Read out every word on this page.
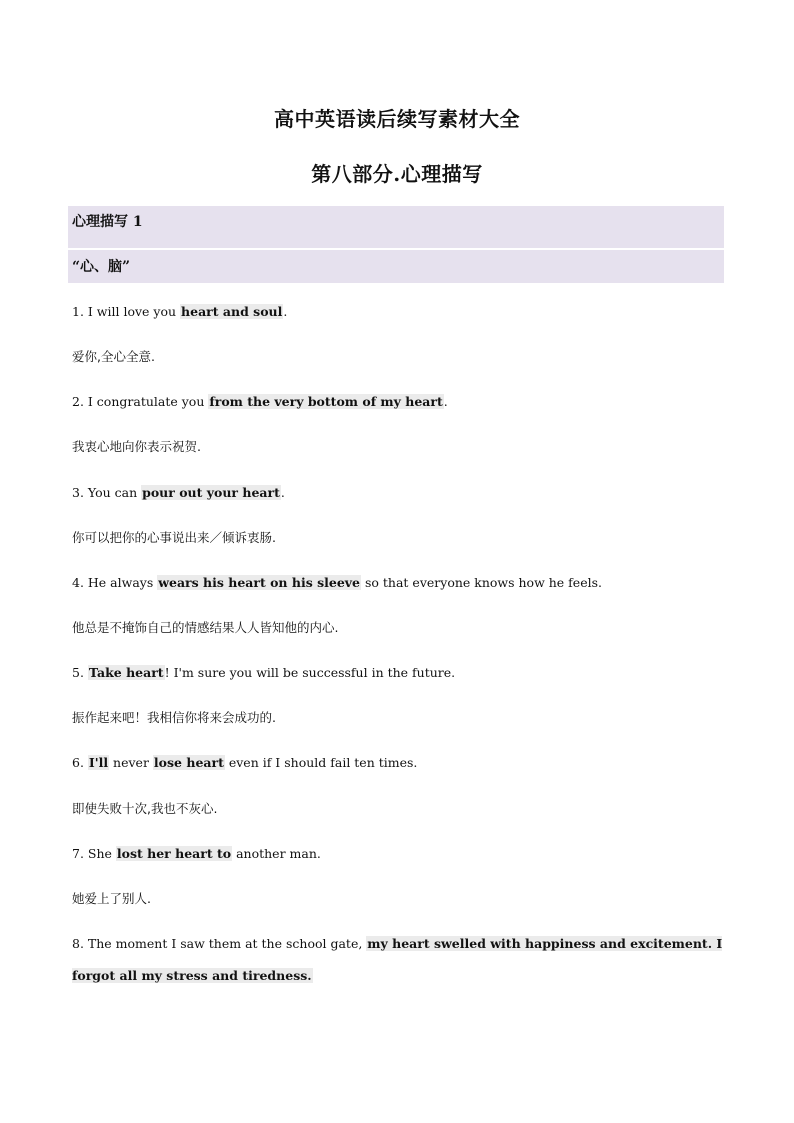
高中英语读后续写素材大全
第八部分.心理描写
心理描写 1
“心、脑”
1. I will love you heart and soul.
爱你,全心全意.
2. I congratulate you from the very bottom of my heart.
我衷心地向你表示祝贺.
3. You can pour out your heart.
你可以把你的心事说出来／倾诉衷肠.
4. He always wears his heart on his sleeve so that everyone knows how he feels.
他总是不掩饰自己的情感结果人人皆知他的内心.
5. Take heart! I'm sure you will be successful in the future.
振作起来吧！我相信你将来会成功的.
6. I'll never lose heart even if I should fail ten times.
即使失败十次,我也不灰心.
7. She lost her heart to another man.
她爱上了别人.
8. The moment I saw them at the school gate, my heart swelled with happiness and excitement. I forgot all my stress and tiredness.
